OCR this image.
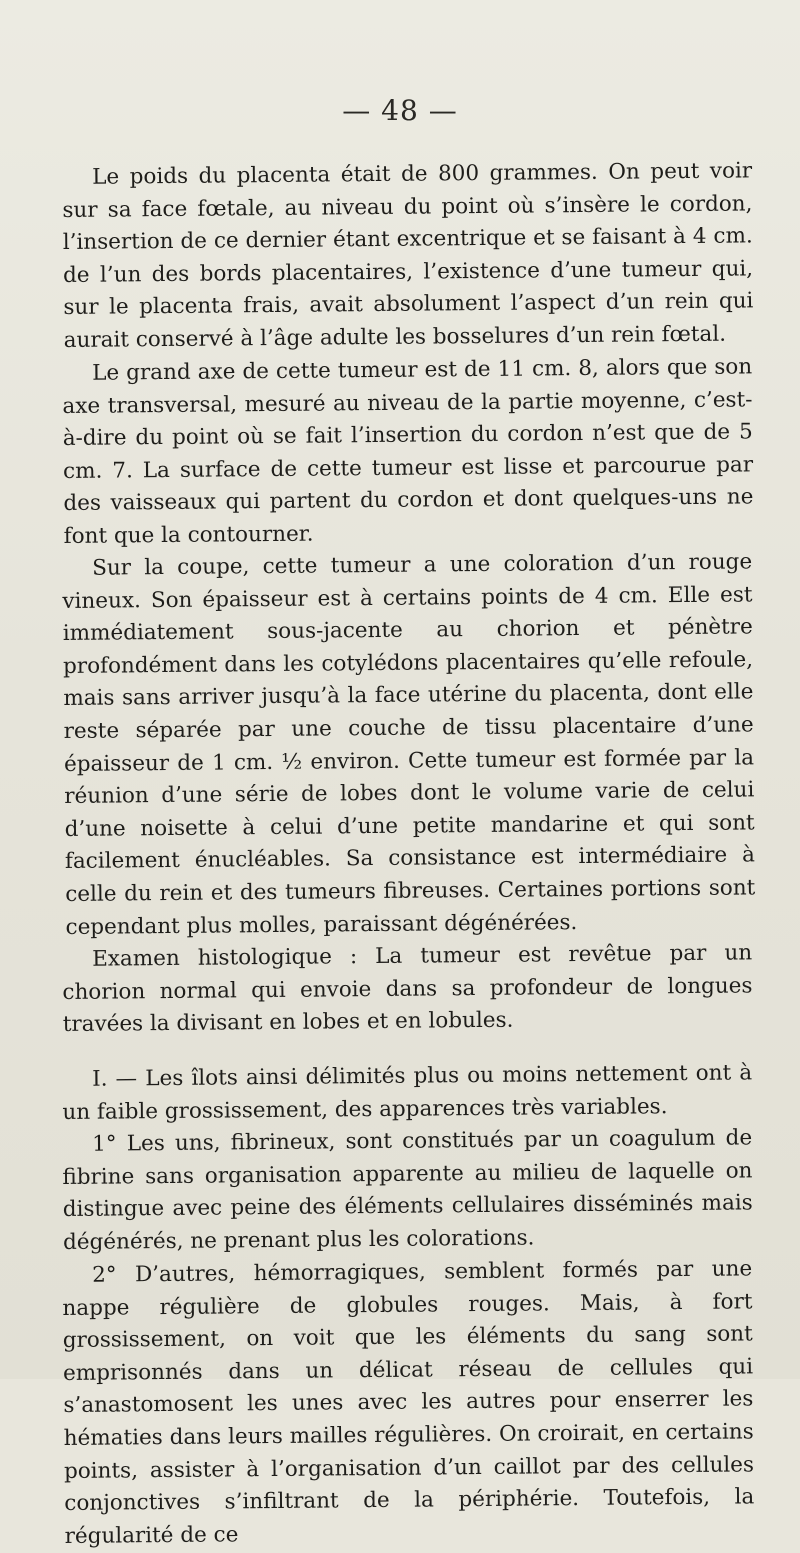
— 48 —

Le poids du placenta était de 800 grammes. On peut voir sur sa face fœtale, au niveau du point où s’insère le cordon, l’insertion de ce dernier étant excentrique et se faisant à 4 cm. de l’un des bords placentaires, l’existence d’une tumeur qui, sur le placenta frais, avait absolument l’aspect d’un rein qui aurait conservé à l’âge adulte les bosselures d’un rein fœtal.

Le grand axe de cette tumeur est de 11 cm. 8, alors que son axe transversal, mesuré au niveau de la partie moyenne, c’est-à-dire du point où se fait l’insertion du cordon n’est que de 5 cm. 7. La surface de cette tumeur est lisse et parcourue par des vaisseaux qui partent du cordon et dont quelques-uns ne font que la contourner.

Sur la coupe, cette tumeur a une coloration d’un rouge vineux. Son épaisseur est à certains points de 4 cm. Elle est immédiatement sous-jacente au chorion et pénètre profondément dans les cotylédons placentaires qu’elle refoule, mais sans arriver jusqu’à la face utérine du placenta, dont elle reste séparée par une couche de tissu placentaire d’une épaisseur de 1 cm. ½ environ. Cette tumeur est formée par la réunion d’une série de lobes dont le volume varie de celui d’une noisette à celui d’une petite mandarine et qui sont facilement énucléables. Sa consistance est intermédiaire à celle du rein et des tumeurs fibreuses. Certaines portions sont cependant plus molles, paraissant dégénérées.

Examen histologique : La tumeur est revêtue par un chorion normal qui envoie dans sa profondeur de longues travées la divisant en lobes et en lobules.

I. — Les îlots ainsi délimités plus ou moins nettement ont à un faible grossissement, des apparences très variables.

1° Les uns, fibrineux, sont constitués par un coagulum de fibrine sans organisation apparente au milieu de laquelle on distingue avec peine des éléments cellulaires disséminés mais dégénérés, ne prenant plus les colorations.

2° D’autres, hémorragiques, semblent formés par une nappe régulière de globules rouges. Mais, à fort grossissement, on voit que les éléments du sang sont emprisonnés dans un délicat réseau de cellules qui s’anastomosent les unes avec les autres pour enserrer les hématies dans leurs mailles régulières. On croirait, en certains points, assister à l’organisation d’un caillot par des cellules conjonctives s’infiltrant de la périphérie. Toutefois, la régularité de ce
